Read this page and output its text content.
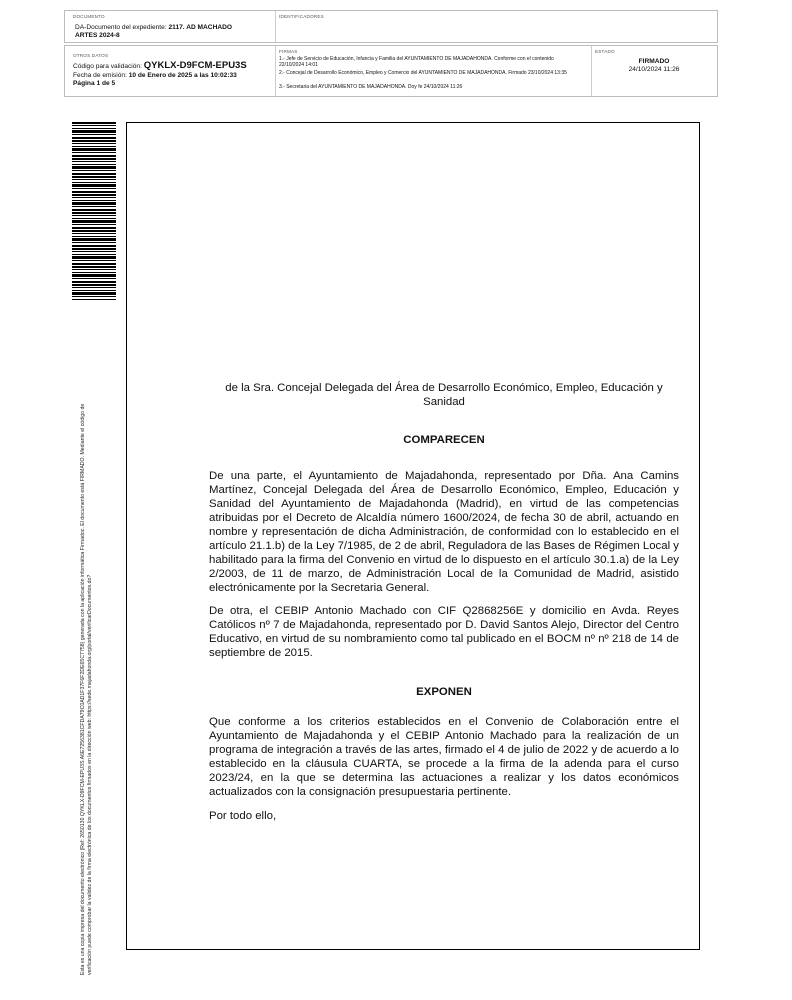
DOCUMENTO
DA-Documento del expediente: 2117. AD MACHADO
ARTES 2024-8
IDENTIFICADORES
OTROS DATOS
Código para validación: QYKLX-D9FCM-EPU3S
Fecha de emisión: 10 de Enero de 2025 a las 10:02:33
Página 1 de 5
FIRMAS
1.- Jefe de Servicio de Educación, Infancia y Familia del AYUNTAMIENTO DE MAJADAHONDA. Conforme con el contenido 22/10/2024 14:01
2.- Concejal de Desarrollo Económico, Empleo y Comercio del AYUNTAMIENTO DE MAJADAHONDA. Firmado 23/10/2024 13:35
3.- Secretaria del AYUNTAMIENTO DE MAJADAHONDA. Doy fe 24/10/2024 11:26
ESTADO
FIRMADO
24/10/2024 11:26
Esta es una copia impresa del documento electrónico (Ref: 2650130 QYKLX-D9FCM-EPU3S A6E7256381CFDA79C0AD1F37F6F2DE65C7758) generada con la aplicación informática Firmadoc. El documento está FIRMADO. Mediante el código de verificación puede comprobar la validez de la firma electrónica de los documentos firmados en la dirección web: https://sede.majadahonda.org/portal/verificarDocumentos.do?
de la Sra. Concejal Delegada del Área de Desarrollo Económico, Empleo, Educación y Sanidad
COMPARECEN
De una parte, el Ayuntamiento de Majadahonda, representado por Dña. Ana Camins Martínez, Concejal Delegada del Área de Desarrollo Económico, Empleo, Educación y Sanidad del Ayuntamiento de Majadahonda (Madrid), en virtud de las competencias atribuidas por el Decreto de Alcaldía número 1600/2024, de fecha 30 de abril, actuando en nombre y representación de dicha Administración, de conformidad con lo establecido en el artículo 21.1.b) de la Ley 7/1985, de 2 de abril, Reguladora de las Bases de Régimen Local y habilitado para la firma del Convenio en virtud de lo dispuesto en el artículo 30.1.a) de la Ley 2/2003, de 11 de marzo, de Administración Local de la Comunidad de Madrid, asistido electrónicamente por la Secretaria General.
De otra, el CEBIP Antonio Machado con CIF Q2868256E y domicilio en Avda. Reyes Católicos nº 7 de Majadahonda, representado por D. David Santos Alejo, Director del Centro Educativo, en virtud de su nombramiento como tal publicado en el BOCM nº nº 218 de 14 de septiembre de 2015.
EXPONEN
Que conforme a los criterios establecidos en el Convenio de Colaboración entre el Ayuntamiento de Majadahonda y el CEBIP Antonio Machado para la realización de un programa de integración a través de las artes, firmado el 4 de julio de 2022 y de acuerdo a lo establecido en la cláusula CUARTA, se procede a la firma de la adenda para el curso 2023/24, en la que se determina las actuaciones a realizar y los datos económicos actualizados con la consignación presupuestaria pertinente.
Por todo ello,
